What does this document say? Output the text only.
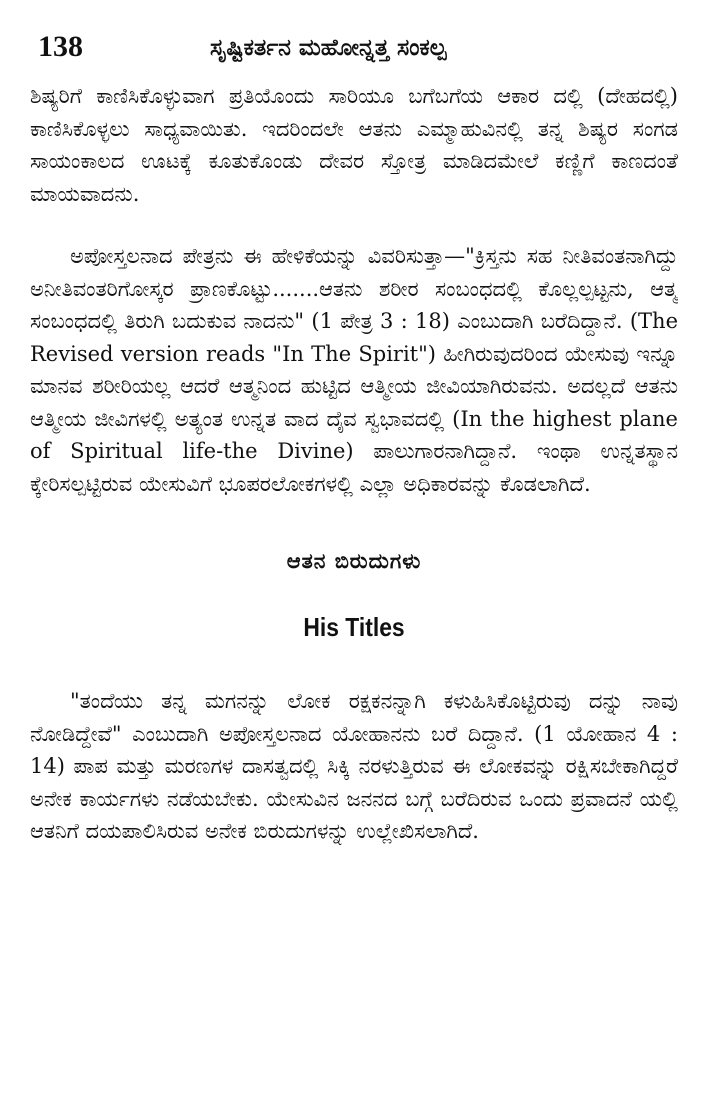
138	ಸೃಷ್ಟಿಕರ್ತನ ಮಹೋನ್ನತ್ತ ಸಂಕಲ್ಪ

ಶಿಷ್ಯರಿಗೆ ಕಾಣಿಸಿಕೊಳ್ಳುವಾಗ ಪ್ರತಿಯೊಂದು ಸಾರಿಯೂ ಬಗೆಬಗೆಯ ಆಕಾರ ದಲ್ಲಿ (ದೇಹದಲ್ಲಿ) ಕಾಣಿಸಿಕೊಳ್ಳಲು ಸಾಧ್ಯವಾಯಿತು. ಇದರಿಂದಲೇ ಆತನು ಎಮ್ಮಾಹುವಿನಲ್ಲಿ ತನ್ನ ಶಿಷ್ಯರ ಸಂಗಡ ಸಾಯಂಕಾಲದ ಊಟಕ್ಕೆ ಕೂತುಕೊಂಡು ದೇವರ ಸ್ತೋತ್ರ ಮಾಡಿದಮೇಲೆ ಕಣ್ಣಿಗೆ ಕಾಣದಂತೆ ಮಾಯವಾದನು.

ಅಪೋಸ್ತಲನಾದ ಪೇತ್ರನು ಈ ಹೇಳಿಕೆಯನ್ನು ವಿವರಿಸುತ್ತಾ—"ಕ್ರಿಸ್ತನು ಸಹ ನೀತಿವಂತನಾಗಿದ್ದು ಅನೀತಿವಂತರಿಗೋಸ್ಕರ ಪ್ರಾಣಕೊಟ್ಟು.......ಆತನು ಶರೀರ ಸಂಬಂಧದಲ್ಲಿ ಕೊಲ್ಲಲ್ಪಟ್ಟನು, ಆತ್ಮ ಸಂಬಂಧದಲ್ಲಿ ತಿರುಗಿ ಬದುಕುವ ನಾದನು" (1 ಪೇತ್ರ 3 : 18) ಎಂಬುದಾಗಿ ಬರೆದಿದ್ದಾನೆ. (The Revised version reads "In The Spirit") ಹೀಗಿರುವುದರಿಂದ ಯೇಸುವು ಇನ್ನೂ ಮಾನವ ಶರೀರಿಯಲ್ಲ ಆದರೆ ಆತ್ಮನಿಂದ ಹುಟ್ಟಿದ ಆತ್ಮೀಯ ಜೀವಿಯಾಗಿರುವನು. ಅದಲ್ಲದೆ ಆತನು ಆತ್ಮೀಯ ಜೀವಿಗಳಲ್ಲಿ ಅತ್ಯಂತ ಉನ್ನತ ವಾದ ದೈವ ಸ್ವಭಾವದಲ್ಲಿ (In the highest plane of Spiritual life-the Divine) ಪಾಲುಗಾರನಾಗಿದ್ದಾನೆ. ಇಂಥಾ ಉನ್ನತಸ್ಥಾನ ಕ್ಕೇರಿಸಲ್ಪಟ್ಟಿರುವ ಯೇಸುವಿಗೆ ಭೂಪರಲೋಕಗಳಲ್ಲಿ ಎಲ್ಲಾ ಅಧಿಕಾರವನ್ನು ಕೊಡಲಾಗಿದೆ.

ಆತನ ಬಿರುದುಗಳು
His Titles

"ತಂದೆಯು ತನ್ನ ಮಗನನ್ನು ಲೋಕ ರಕ್ಷಕನನ್ನಾಗಿ ಕಳುಹಿಸಿಕೊಟ್ಟಿರುವು ದನ್ನು ನಾವು ನೋಡಿದ್ದೇವೆ" ಎಂಬುದಾಗಿ ಅಪೋಸ್ತಲನಾದ ಯೋಹಾನನು ಬರೆ ದಿದ್ದಾನೆ. (1 ಯೋಹಾನ 4 : 14) ಪಾಪ ಮತ್ತು ಮರಣಗಳ ದಾಸತ್ವದಲ್ಲಿ ಸಿಕ್ಕಿ ನರಳುತ್ತಿರುವ ಈ ಲೋಕವನ್ನು ರಕ್ಷಿಸಬೇಕಾಗಿದ್ದರೆ ಅನೇಕ ಕಾರ್ಯಗಳು ನಡೆಯಬೇಕು. ಯೇಸುವಿನ ಜನನದ ಬಗ್ಗೆ ಬರೆದಿರುವ ಒಂದು ಪ್ರವಾದನೆ ಯಲ್ಲಿ ಆತನಿಗೆ ದಯಪಾಲಿಸಿರುವ ಅನೇಕ ಬಿರುದುಗಳನ್ನು ಉಲ್ಲೇಖಿಸಲಾಗಿದೆ.
